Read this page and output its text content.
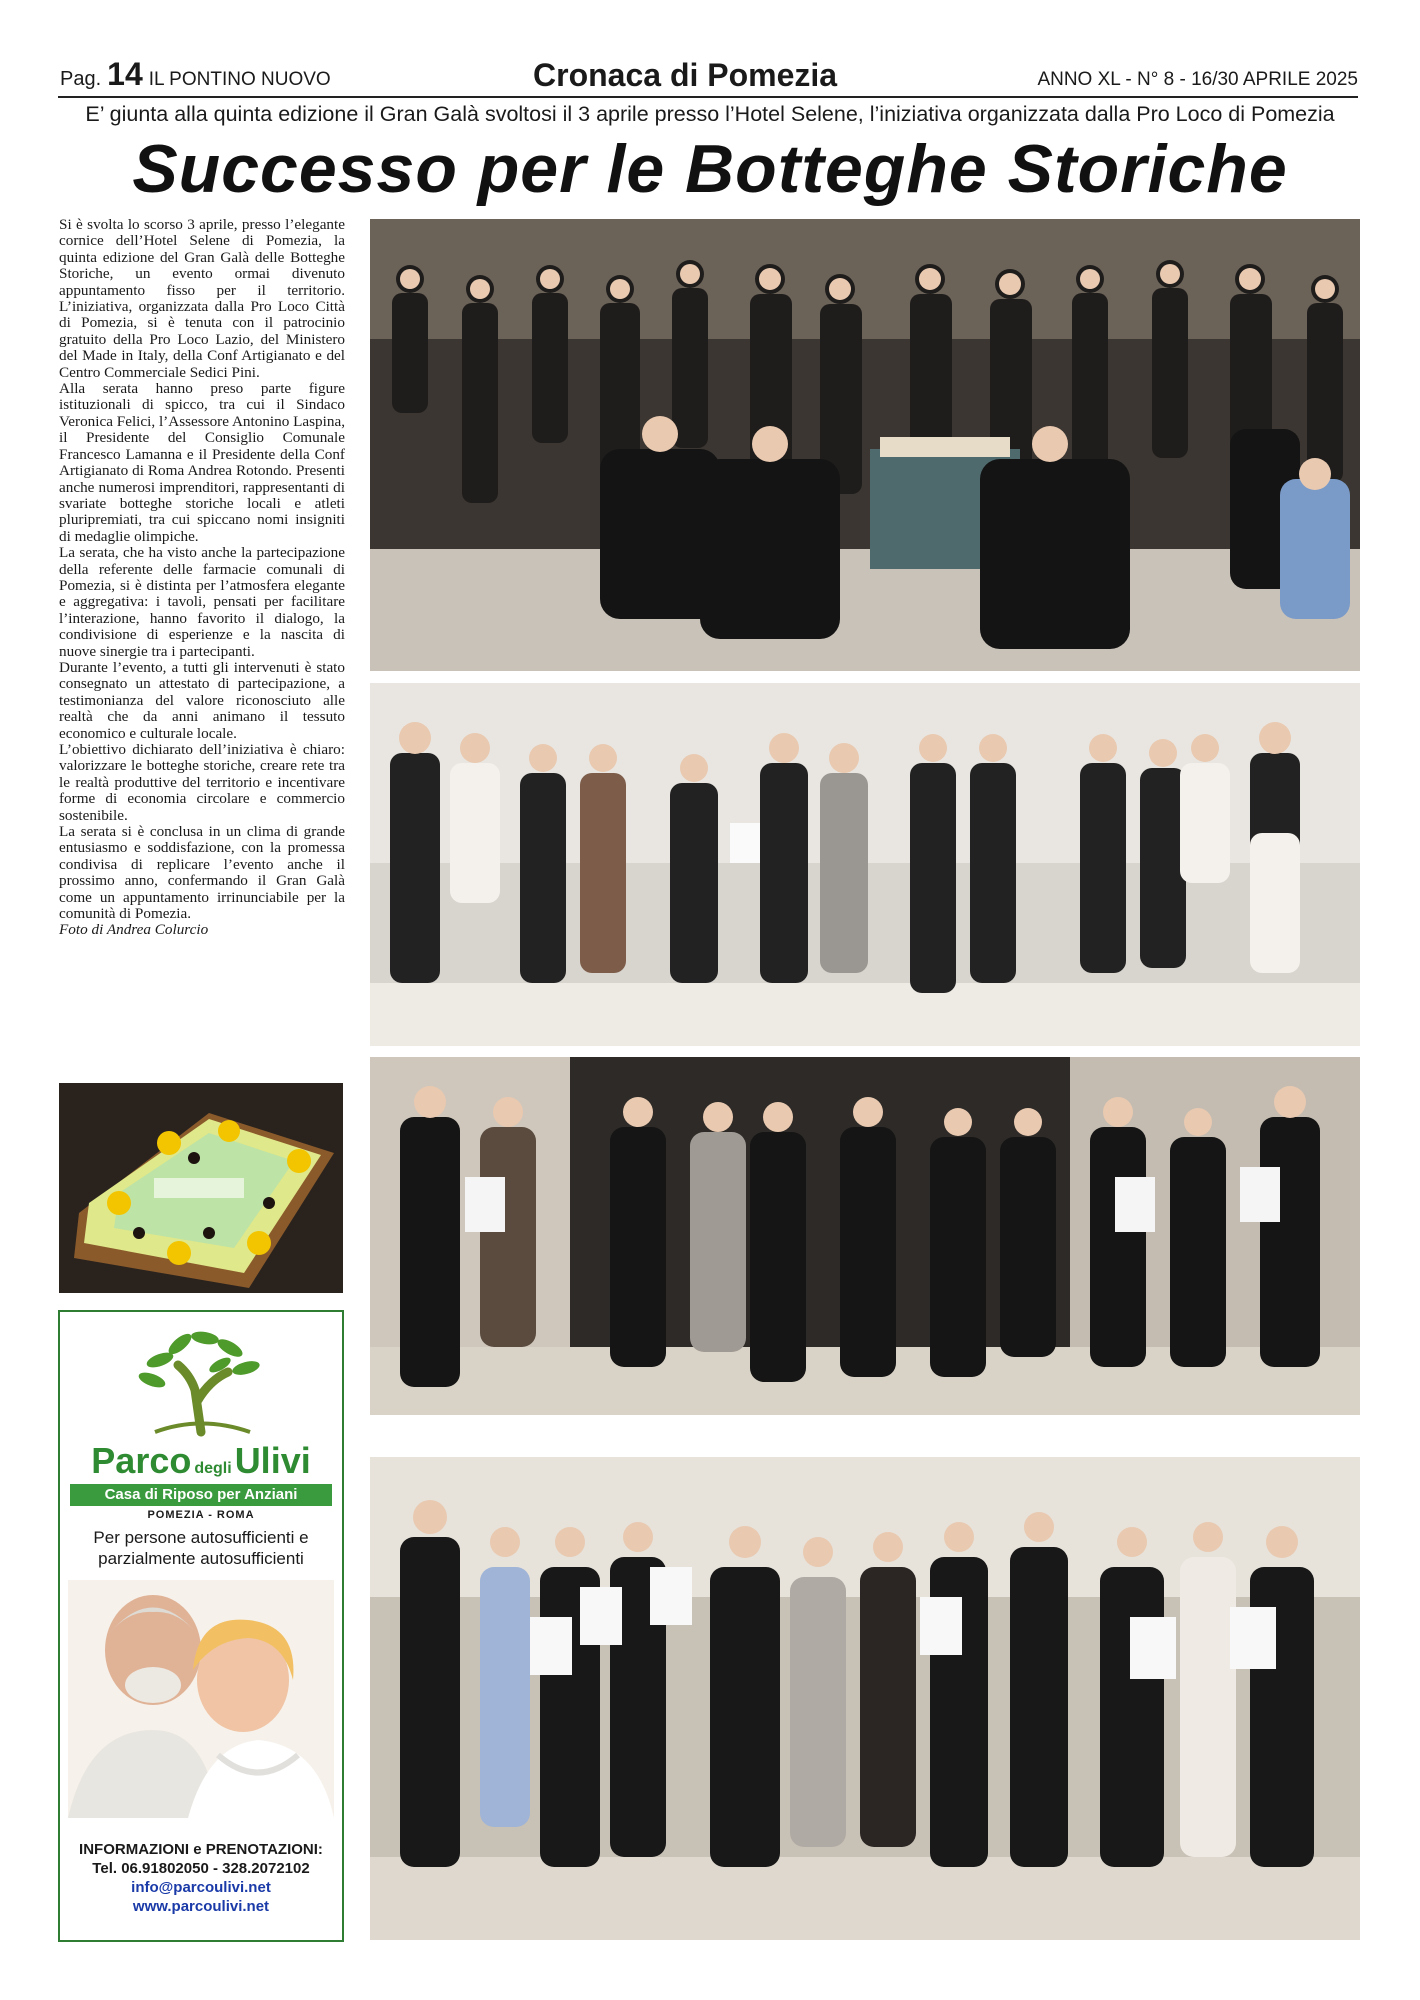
Pag. 14 IL PONTINO NUOVO	Cronaca di Pomezia	ANNO XL - N° 8 - 16/30 APRILE 2025
E’ giunta alla quinta edizione il Gran Galà svoltosi il 3 aprile presso l’Hotel Selene, l’iniziativa organizzata dalla Pro Loco di Pomezia
Successo per le Botteghe Storiche

Si è svolta lo scorso 3 aprile, presso l’elegante cornice dell’Hotel Selene di Pomezia, la quinta edizione del Gran Galà delle Botteghe Storiche, un evento ormai divenuto appuntamento fisso per il territorio. L’iniziativa, organizzata dalla Pro Loco Città di Pomezia, si è tenuta con il patrocinio gratuito della Pro Loco Lazio, del Ministero del Made in Italy, della Conf Artigianato e del Centro Commerciale Sedici Pini.

Alla serata hanno preso parte figure istituzionali di spicco, tra cui il Sindaco Veronica Felici, l’Assessore Antonino Laspina, il Presidente del Consiglio Comunale Francesco Lamanna e il Presidente della Conf Artigianato di Roma Andrea Rotondo. Presenti anche numerosi imprenditori, rappresentanti di svariate botteghe storiche locali e atleti pluripremiati, tra cui spiccano nomi insigniti di medaglie olimpiche.

La serata, che ha visto anche la partecipazione della referente delle farmacie comunali di Pomezia, si è distinta per l’atmosfera elegante e aggregativa: i tavoli, pensati per facilitare l’interazione, hanno favorito il dialogo, la condivisione di esperienze e la nascita di nuove sinergie tra i partecipanti.

Durante l’evento, a tutti gli intervenuti è stato consegnato un attestato di partecipazione, a testimonianza del valore riconosciuto alle realtà che da anni animano il tessuto economico e culturale locale.

L’obiettivo dichiarato dell’iniziativa è chiaro: valorizzare le botteghe storiche, creare rete tra le realtà produttive del territorio e incentivare forme di economia circolare e commercio sostenibile.

La serata si è conclusa in un clima di grande entusiasmo e soddisfazione, con la promessa condivisa di replicare l’evento anche il prossimo anno, confermando il Gran Galà come un appuntamento irrinunciabile per la comunità di Pomezia.

Foto di Andrea Colurcio

Parco degliUlivi
Casa di Riposo per Anziani
POMEZIA - ROMA
Per persone autosufficienti e parzialmente autosufficienti
INFORMAZIONI e PRENOTAZIONI:
Tel. 06.91802050 - 328.2072102
info@parcoulivi.net
www.parcoulivi.net
